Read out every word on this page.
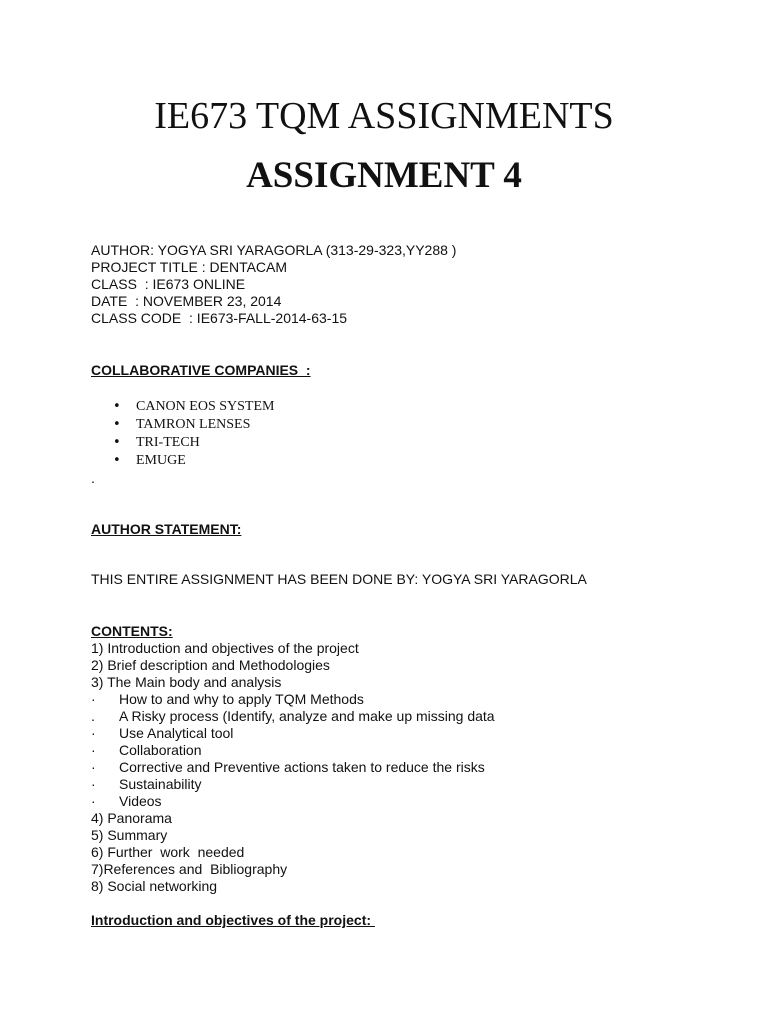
IE673 TQM ASSIGNMENTS
ASSIGNMENT 4
AUTHOR: YOGYA SRI YARAGORLA (313-29-323,YY288 )
PROJECT TITLE : DENTACAM
CLASS  : IE673 ONLINE
DATE  : NOVEMBER 23, 2014
CLASS CODE  : IE673-FALL-2014-63-15
COLLABORATIVE COMPANIES  :
• CANON EOS SYSTEM
• TAMRON LENSES
• TRI-TECH
• EMUGE
.
AUTHOR STATEMENT:
THIS ENTIRE ASSIGNMENT HAS BEEN DONE BY: YOGYA SRI YARAGORLA
CONTENTS:
1) Introduction and objectives of the project
2) Brief description and Methodologies
3) The Main body and analysis
·	How to and why to apply TQM Methods
.	A Risky process (Identify, analyze and make up missing data
·	Use Analytical tool
·	Collaboration
·	Corrective and Preventive actions taken to reduce the risks
·	Sustainability
·	Videos
4) Panorama
5) Summary
6) Further  work  needed
7)References and  Bibliography
8) Social networking
Introduction and objectives of the project:
